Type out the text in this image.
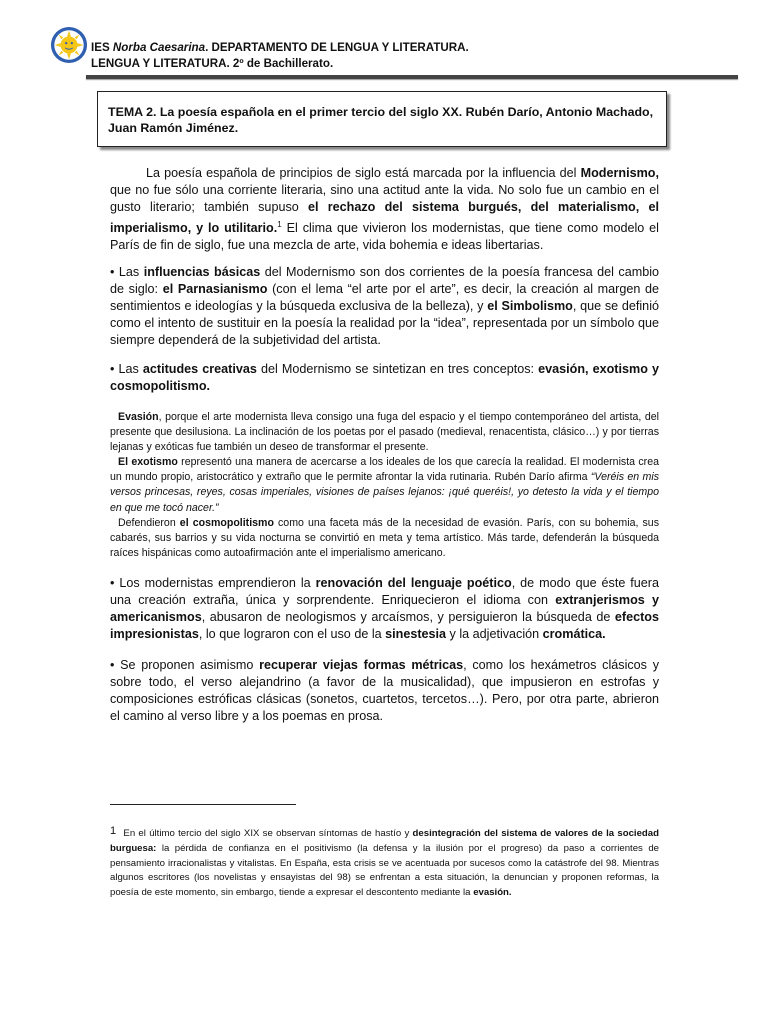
IES Norba Caesarina. DEPARTAMENTO DE LENGUA Y LITERATURA.
LENGUA Y LITERATURA. 2º de Bachillerato.
TEMA 2. La poesía española en el primer tercio del siglo XX. Rubén Darío, Antonio Machado, Juan Ramón Jiménez.
La poesía española de principios de siglo está marcada por la influencia del Modernismo, que no fue sólo una corriente literaria, sino una actitud ante la vida. No solo fue un cambio en el gusto literario; también supuso el rechazo del sistema burgués, del materialismo, el imperialismo, y lo utilitario.$^1$ El clima que vivieron los modernistas, que tiene como modelo el París de fin de siglo, fue una mezcla de arte, vida bohemia e ideas libertarias.
• Las influencias básicas del Modernismo son dos corrientes de la poesía francesa del cambio de siglo: el Parnasianismo (con el lema “el arte por el arte”, es decir, la creación al margen de sentimientos e ideologías y la búsqueda exclusiva de la belleza), y el Simbolismo, que se definió como el intento de sustituir en la poesía la realidad por la “idea”, representada por un símbolo que siempre dependerá de la subjetividad del artista.
• Las actitudes creativas del Modernismo se sintetizan en tres conceptos: evasión, exotismo y cosmopolitismo.
Evasión, porque el arte modernista lleva consigo una fuga del espacio y el tiempo contemporáneo del artista, del presente que desilusiona. La inclinación de los poetas por el pasado (medieval, renacentista, clásico…) y por tierras lejanas y exóticas fue también un deseo de transformar el presente.
El exotismo representó una manera de acercarse a los ideales de los que carecía la realidad. El modernista crea un mundo propio, aristocrático y extraño que le permite afrontar la vida rutinaria. Rubén Darío afirma “Veréis en mis versos princesas, reyes, cosas imperiales, visiones de países lejanos: ¡qué queréis!, yo detesto la vida y el tiempo en que me tocó nacer.”
Defendieron el cosmopolitismo como una faceta más de la necesidad de evasión. París, con su bohemia, sus cabarés, sus barrios y su vida nocturna se convirtió en meta y tema artístico. Más tarde, defenderán la búsqueda raíces hispánicas como autoafirmación ante el imperialismo americano.
• Los modernistas emprendieron la renovación del lenguaje poético, de modo que éste fuera una creación extraña, única y sorprendente. Enriquecieron el idioma con extranjerismos y americanismos, abusaron de neologismos y arcaísmos, y persiguieron la búsqueda de efectos impresionistas, lo que lograron con el uso de la sinestesia y la adjetivación cromática.
• Se proponen asimismo recuperar viejas formas métricas, como los hexámetros clásicos y sobre todo, el verso alejandrino (a favor de la musicalidad), que impusieron en estrofas y composiciones estróficas clásicas (sonetos, cuartetos, tercetos…). Pero, por otra parte, abrieron el camino al verso libre y a los poemas en prosa.
1 En el último tercio del siglo XIX se observan síntomas de hastío y desintegración del sistema de valores de la sociedad burguesa: la pérdida de confianza en el positivismo (la defensa y la ilusión por el progreso) da paso a corrientes de pensamiento irracionalistas y vitalistas. En España, esta crisis se ve acentuada por sucesos como la catástrofe del 98. Mientras algunos escritores (los novelistas y ensayistas del 98) se enfrentan a esta situación, la denuncian y proponen reformas, la poesía de este momento, sin embargo, tiende a expresar el descontento mediante la evasión.
